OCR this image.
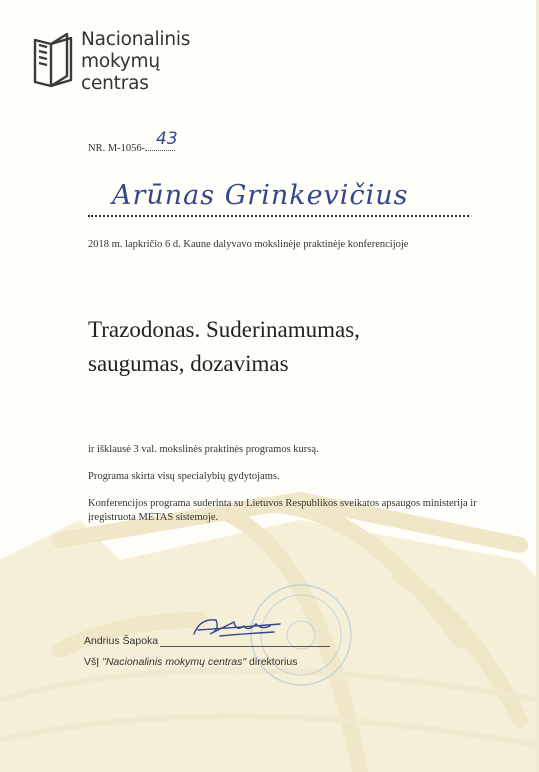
Nacionalinis
mokymų
centras
NR. M-1056- 43
Arūnas Grinkevičius
2018 m. lapkričio 6 d. Kaune dalyvavo mokslinėje praktinėje konferencijoje
Trazodonas. Suderinamumas,
saugumas, dozavimas
ir išklausė 3 val. mokslinės praktinės programos kursą.
Programa skirta visų specialybių gydytojams.
Konferencijos programa suderinta su Lietuvos Respublikos sveikatos apsaugos ministerija ir
įregistruota METAS sistemoje.
Andrius Šapoka
VšĮ "Nacionalinis mokymų centras" direktorius
